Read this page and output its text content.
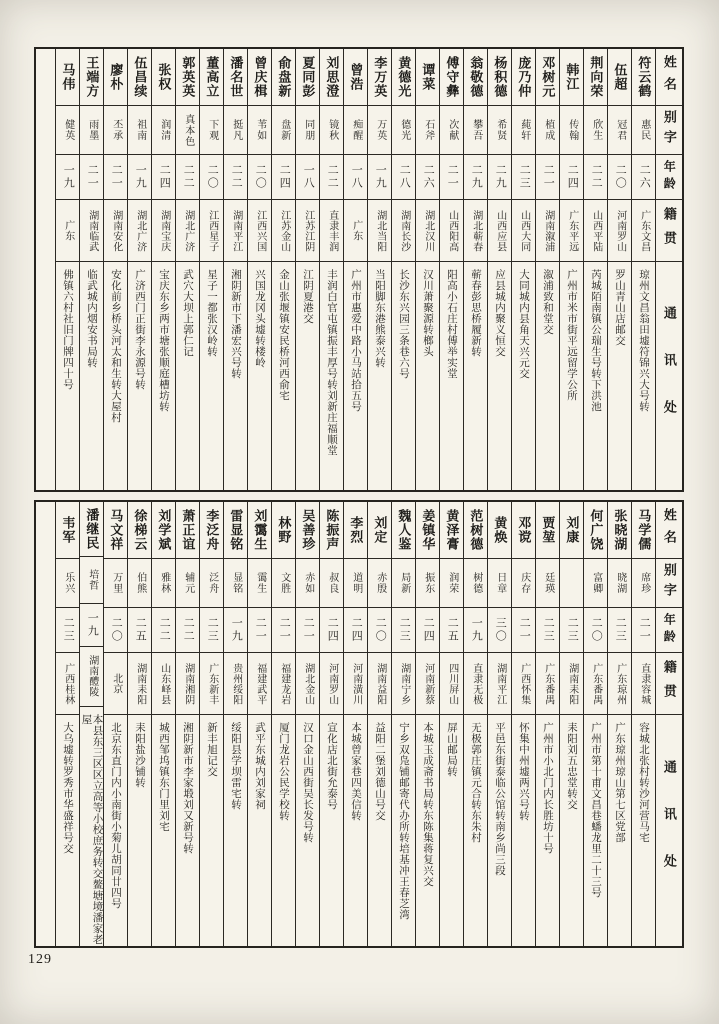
姓名
别字
年龄
籍贯
通讯处
符云鹤
惠民
二六
广东文昌
琼州文昌翁田墟符锦兴大号转
伍超
冠君
二〇
河南罗山
罗山青山店邮交
荆向荣
欣生
二二
山西平陆
芮城陌南镇公瑞生号转下洪池
韩江
传翰
二四
广东平远
广州市米市街平远留学公所
邓树元
植成
二一
湖南溆浦
溆浦致和堂交
庞乃仲
蒓轩
二三
山西大同
大同城内县角天兴元交
杨积德
希贤
二九
山西应县
应县城内聚义恒交
翁敬德
攀吾
二九
湖北蕲春
蕲春彭思桥履新转
傅守彝
次献
二一
山西阳高
阳高小石庄村傅举实堂
谭菜
石斧
二六
湖北汉川
汉川萧聚源转榔头
黄德光
德光
二八
湖南长沙
长沙东兴园三条巷六号
李万英
万英
一九
湖北当阳
当阳脚东港熊泰兴转
曾浩
痴醒
一八
广东
广州市惠爱中路小马站拾五号
刘思澄
镜秋
二二
直隶丰润
丰润白官屯镇振丰厚号转刘新庄福顺堂
夏同彭
同朋
一八
江苏江阴
江阴夏港交
俞盘新
盘新
二四
江苏金山
金山张堰镇安民桥河西俞宅
曾庆楫
苇如
二〇
江西兴国
兴国龙冈头墟转楼岭
潘名世
挺凡
二二
湖南平江
湘阴新市下潘宏兴号转
董高立
下观
二〇
江西星子
星子一都张汉岭转
郭英英
真本色
二二
湖北广济
武穴大坝上郭仁记
张权
润清
二四
湖南宝庆
宝庆东乡两市塘张顺庭槽坊转
伍昌续
祖南
一九
湖北广济
广济西门正街李永源号转
廖朴
丕承
二一
湖南安化
安化前乡桥头河太和生转大屋村
王端方
雨墨
二一
湖南临武
临武城内烟安书局转
马伟
健英
一九
广东
佛镇六村社旧门牌四十号
姓名
别字
年龄
籍贯
通讯处
马学儒
席珍
二一
直隶容城
容城北张村转沙河营马宅
张晓湖
晓湖
二三
广东琼州
广东琼州琼山第七区党部
何广饶
富卿
二〇
广东番禺
广州市第十甫文昌巷蟠龙里二十三号
刘康
二三
湖南耒阳
耒阳刘五忠堂转交
贾堃
廷瑛
二三
广东番禺
广州市小北门内长胜坊十号
邓谠
庆存
二一
广西怀集
怀集中州墟两兴号转
黄焕
日章
三〇
湖南平江
平邑东街泰临公馆转南乡尚三段
范树德
树德
一九
直隶无极
无极郭庄镇元合转东朱村
黄泽膏
润荣
二五
四川屏山
屏山邮局转
姜镇华
振东
二四
河南新蔡
本城玉成斋书局转东陈集蒋复兴交
魏人鉴
局新
二三
湖南宁乡
宁乡双凫铺邮寄代办所转培基冲王春芝湾
刘定
赤殷
二〇
湖南益阳
益阳二堡刘德山号交
李烈
道明
二四
河南潢川
本城曾家巷四美信转
陈振声
叔良
二四
河南罗山
宣化店北街允泰号
吴善珍
赤如
二一
湖北金山
汉口金山西街吴长发号转
林野
文胜
二一
福建龙岩
厦门龙岩公民学校转
刘霭生
霭生
二一
福建武平
武平东城内刘家祠
雷显铭
显铭
一九
贵州绥阳
绥阳县学坝雷宅转
李泛舟
泛舟
二三
广东新丰
新丰旭记交
萧正谊
辅元
二二
湖南湘阴
湘阴新市李家塅刘又新号转
刘学斌
雅林
二二
山东峄县
城西邹坞镇东门里刘宅
徐梯云
伯熊
二五
湖南耒阳
耒阳盐沙铺转
马文祥
万里
二〇
北京
北京东直门内小南街小菊儿胡同廿四号
潘继民
培哲
一九
湖南醴陵
本县东三区区立高等小校庶务转交鳌塘境潘家老屋
韦军
乐兴
二三
广西桂林
大乌墟转罗秀市华盛祥号交
129
